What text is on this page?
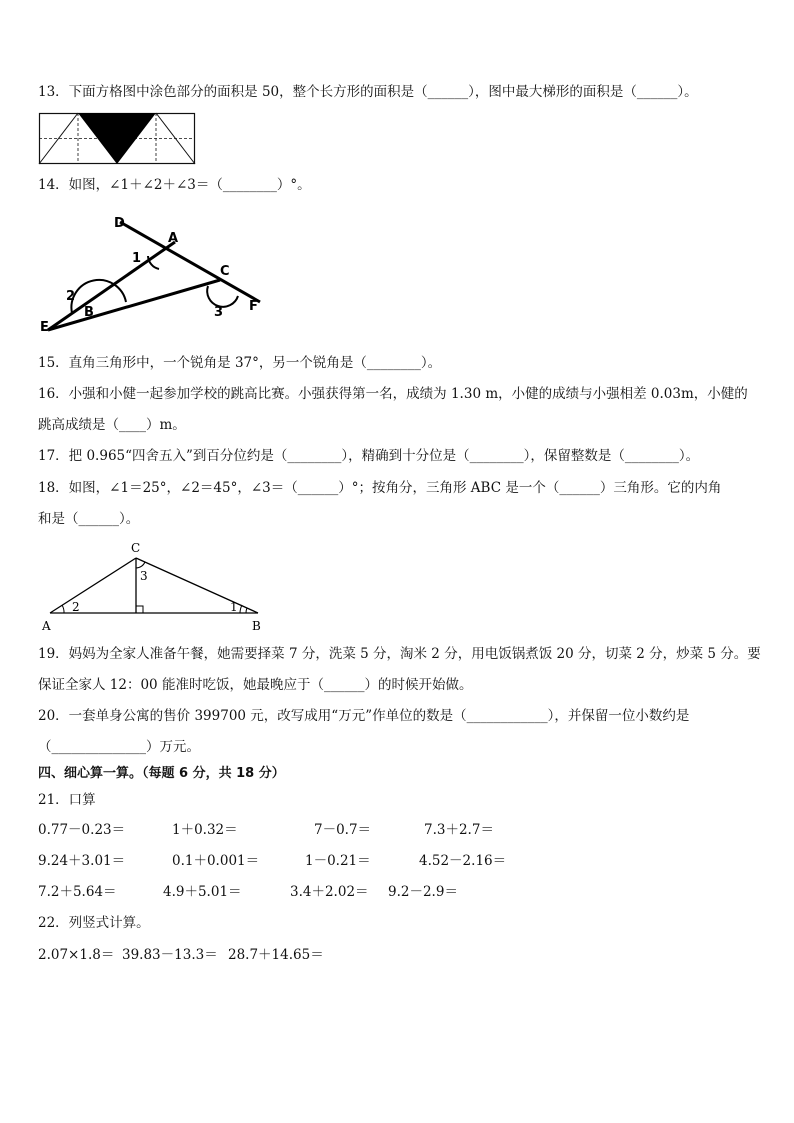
13．下面方格图中涂色部分的面积是 50，整个长方形的面积是（______），图中最大梯形的面积是（______）。
14．如图，∠1＋∠2＋∠3＝（________）°。
D
A
C
F
E
B
1
2
3
15．直角三角形中，一个锐角是 37°，另一个锐角是（________）。
16．小强和小健一起参加学校的跳高比赛。小强获得第一名，成绩为 1.30 m，小健的成绩与小强相差 0.03m，小健的
跳高成绩是（____）m。
17．把 0.965“四舍五入”到百分位约是（________），精确到十分位是（________），保留整数是（________）。
18．如图，∠1＝25°，∠2＝45°，∠3＝（______）°；按角分，三角形 ABC 是一个（______）三角形。它的内角
和是（______）。
C
A	B
1
2
3
19．妈妈为全家人准备午餐，她需要择菜 7 分，洗菜 5 分，淘米 2 分，用电饭锅煮饭 20 分，切菜 2 分，炒菜 5 分。要
保证全家人 12：00 能准时吃饭，她最晚应于（______）的时候开始做。
20．一套单身公寓的售价 399700 元，改写成用“万元”作单位的数是（____________），并保留一位小数约是
（______________）万元。
四、细心算一算。（每题 6 分，共 18 分）
21．口算
0.77－0.23＝	1＋0.32＝	7－0.7＝	7.3＋2.7＝
9.24＋3.01＝	0.1＋0.001＝	1－0.21＝	4.52－2.16＝
7.2＋5.64＝	4.9＋5.01＝	3.4＋2.02＝ 9.2－2.9＝
22．列竖式计算。
2.07×1.8＝ 39.83－13.3＝ 28.7＋14.65＝
